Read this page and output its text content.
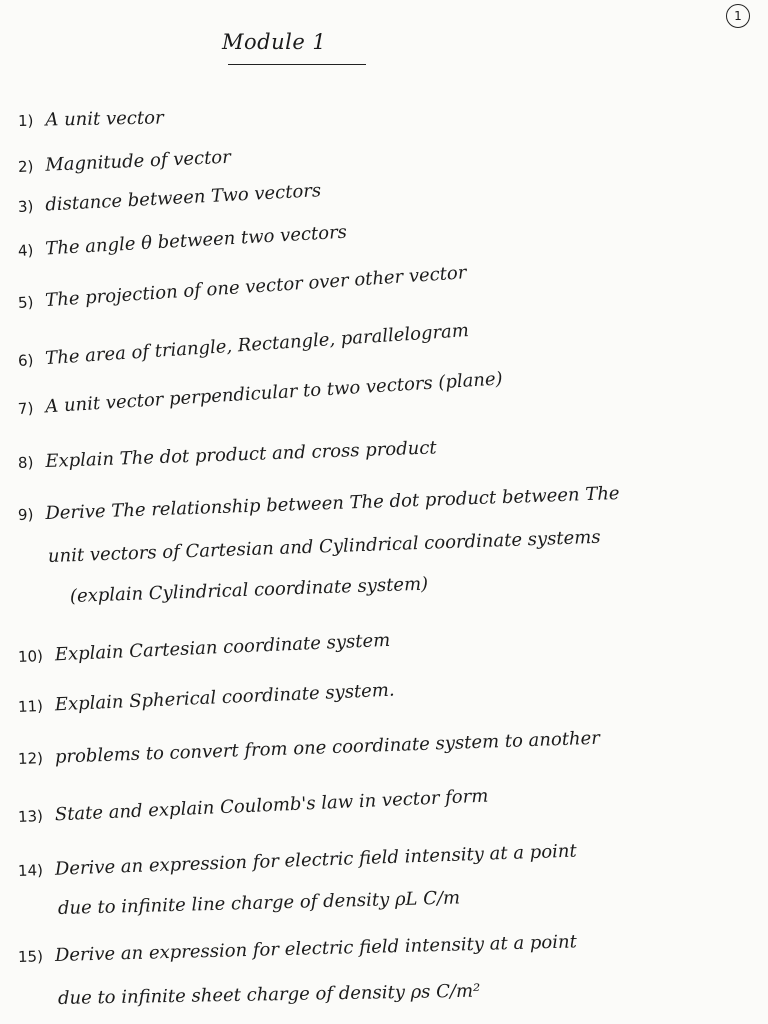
1
Module 1
1) A unit vector
2) Magnitude of vector
3) distance between Two vectors
4) The angle θ between two vectors
5) The projection of one vector over other vector
6) The area of triangle, Rectangle, parallelogram
7) A unit vector perpendicular to two vectors (plane)
8) Explain The dot product and cross product
9) Derive The relationship between The dot product between The
unit vectors of Cartesian and Cylindrical coordinate systems
(explain Cylindrical coordinate system)
10) Explain Cartesian coordinate system
11) Explain Spherical coordinate system.
12) problems to convert from one coordinate system to another
13) State and explain Coulomb's law in vector form
14) Derive an expression for electric field intensity at a point
due to infinite line charge of density ρL C/m
15) Derive an expression for electric field intensity at a point
due to infinite sheet charge of density ρs C/m²
